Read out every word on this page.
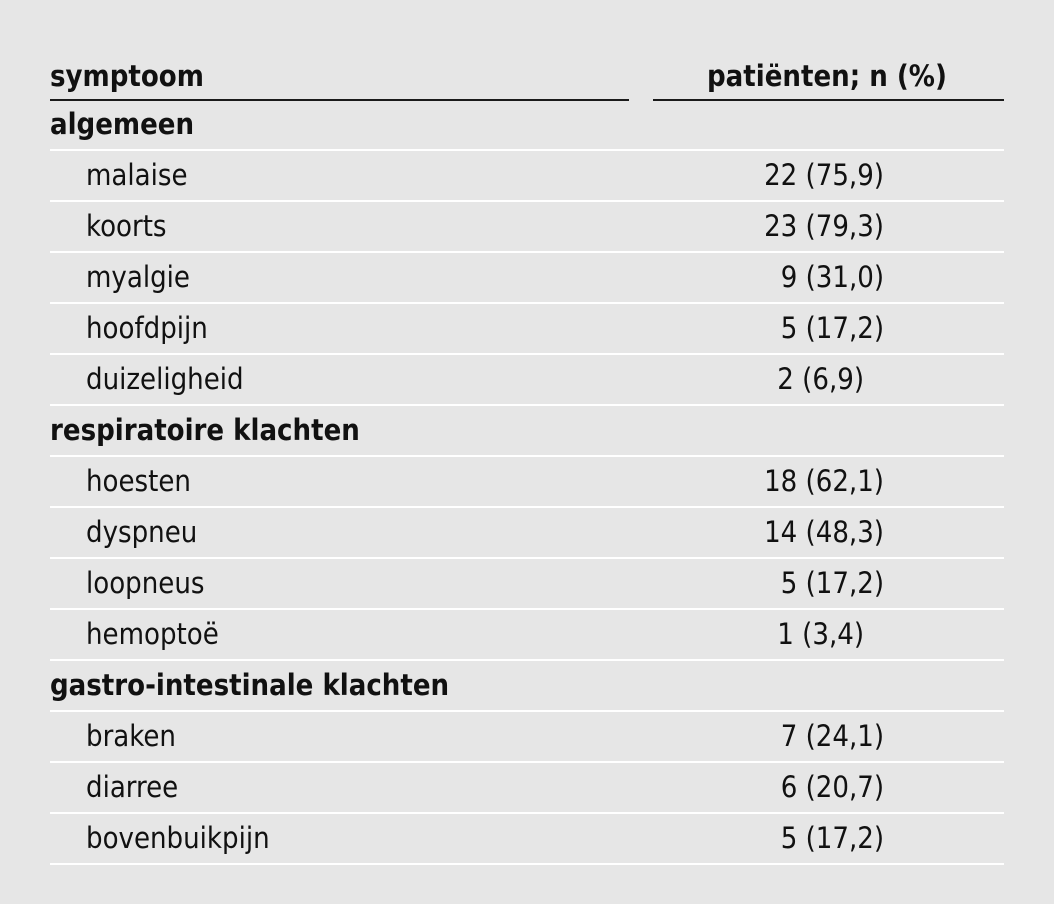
symptoom	patiënten; n (%)
algemeen
malaise	22 (75,9)
koorts	23 (79,3)
myalgie	9 (31,0)
hoofdpijn	5 (17,2)
duizeligheid	2 (6,9)
respiratoire klachten
hoesten	18 (62,1)
dyspneu	14 (48,3)
loopneus	5 (17,2)
hemoptoë	1 (3,4)
gastro-intestinale klachten
braken	7 (24,1)
diarree	6 (20,7)
bovenbuikpijn	5 (17,2)
